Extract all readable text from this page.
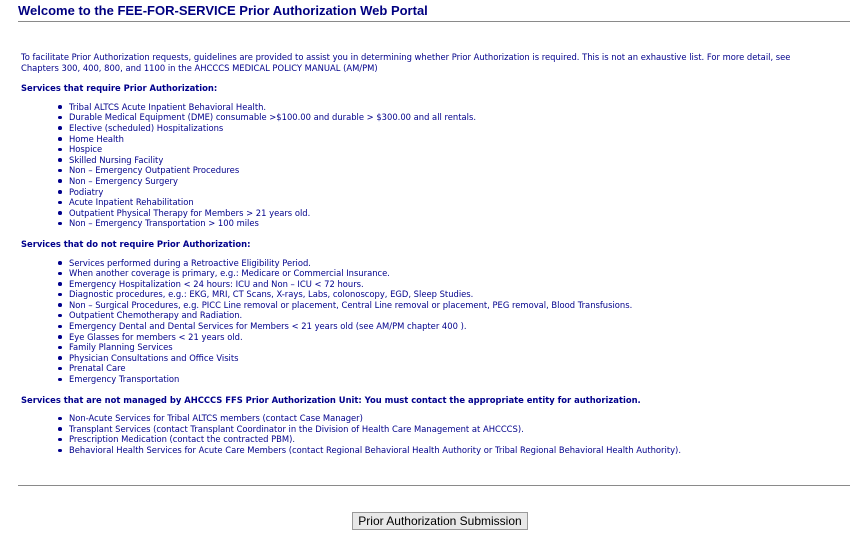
Welcome to the FEE-FOR-SERVICE Prior Authorization Web Portal

To facilitate Prior Authorization requests, guidelines are provided to assist you in determining whether Prior Authorization is required. This is not an exhaustive list. For more detail, see Chapters 300, 400, 800, and 1100 in the AHCCCS MEDICAL POLICY MANUAL (AM/PM)

Services that require Prior Authorization:
Tribal ALTCS Acute Inpatient Behavioral Health.
Durable Medical Equipment (DME) consumable >$100.00 and durable > $300.00 and all rentals.
Elective (scheduled) Hospitalizations
Home Health
Hospice
Skilled Nursing Facility
Non – Emergency Outpatient Procedures
Non – Emergency Surgery
Podiatry
Acute Inpatient Rehabilitation
Outpatient Physical Therapy for Members > 21 years old.
Non – Emergency Transportation > 100 miles
Services that do not require Prior Authorization:
Services performed during a Retroactive Eligibility Period.
When another coverage is primary, e.g.: Medicare or Commercial Insurance.
Emergency Hospitalization < 24 hours: ICU and Non – ICU < 72 hours.
Diagnostic procedures, e.g.: EKG, MRI, CT Scans, X-rays, Labs, colonoscopy, EGD, Sleep Studies.
Non – Surgical Procedures, e.g. PICC Line removal or placement, Central Line removal or placement, PEG removal, Blood Transfusions.
Outpatient Chemotherapy and Radiation.
Emergency Dental and Dental Services for Members < 21 years old (see AM/PM chapter 400 ).
Eye Glasses for members < 21 years old.
Family Planning Services
Physician Consultations and Office Visits
Prenatal Care
Emergency Transportation
Services that are not managed by AHCCCS FFS Prior Authorization Unit: You must contact the appropriate entity for authorization.
Non-Acute Services for Tribal ALTCS members (contact Case Manager)
Transplant Services (contact Transplant Coordinator in the Division of Health Care Management at AHCCCS).
Prescription Medication (contact the contracted PBM).
Behavioral Health Services for Acute Care Members (contact Regional Behavioral Health Authority or Tribal Regional Behavioral Health Authority).
Prior Authorization Submission
